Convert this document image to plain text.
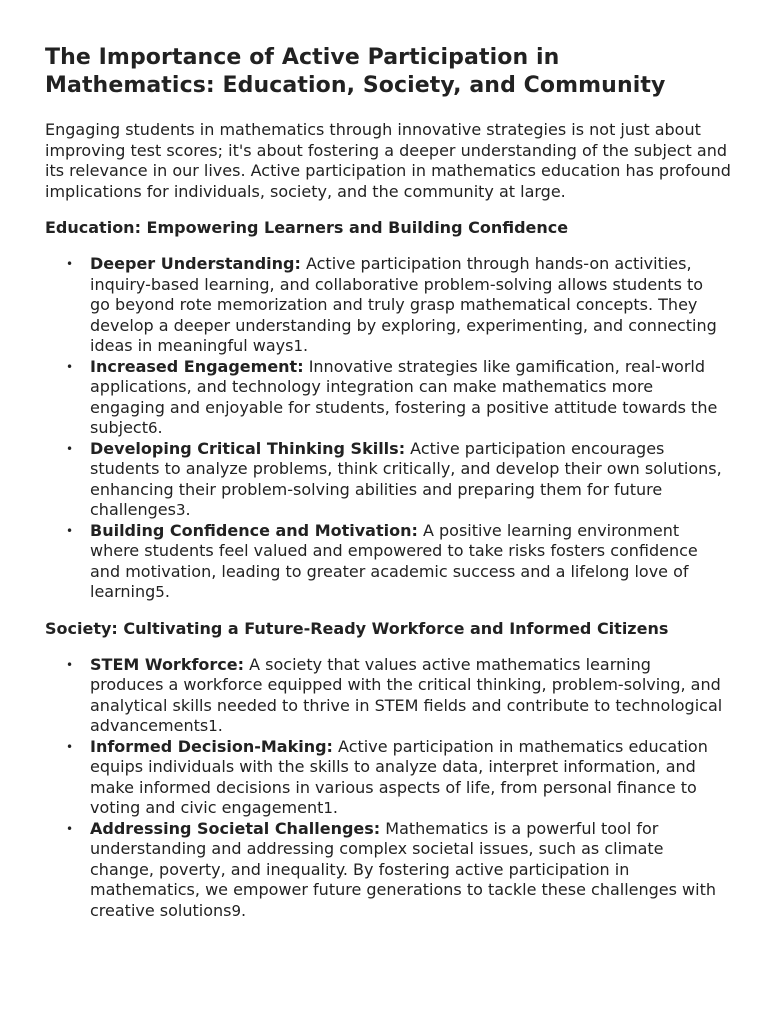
The Importance of Active Participation in Mathematics: Education, Society, and Community

Engaging students in mathematics through innovative strategies is not just about improving test scores; it's about fostering a deeper understanding of the subject and its relevance in our lives. Active participation in mathematics education has profound implications for individuals, society, and the community at large.

Education: Empowering Learners and Building Confidence
• Deeper Understanding: Active participation through hands-on activities, inquiry-based learning, and collaborative problem-solving allows students to go beyond rote memorization and truly grasp mathematical concepts. They develop a deeper understanding by exploring, experimenting, and connecting ideas in meaningful ways1.
• Increased Engagement: Innovative strategies like gamification, real-world applications, and technology integration can make mathematics more engaging and enjoyable for students, fostering a positive attitude towards the subject6.
• Developing Critical Thinking Skills: Active participation encourages students to analyze problems, think critically, and develop their own solutions, enhancing their problem-solving abilities and preparing them for future challenges3.
• Building Confidence and Motivation: A positive learning environment where students feel valued and empowered to take risks fosters confidence and motivation, leading to greater academic success and a lifelong love of learning5.
Society: Cultivating a Future-Ready Workforce and Informed Citizens
• STEM Workforce: A society that values active mathematics learning produces a workforce equipped with the critical thinking, problem-solving, and analytical skills needed to thrive in STEM fields and contribute to technological advancements1.
• Informed Decision-Making: Active participation in mathematics education equips individuals with the skills to analyze data, interpret information, and make informed decisions in various aspects of life, from personal finance to voting and civic engagement1.
• Addressing Societal Challenges: Mathematics is a powerful tool for understanding and addressing complex societal issues, such as climate change, poverty, and inequality. By fostering active participation in mathematics, we empower future generations to tackle these challenges with creative solutions9.
